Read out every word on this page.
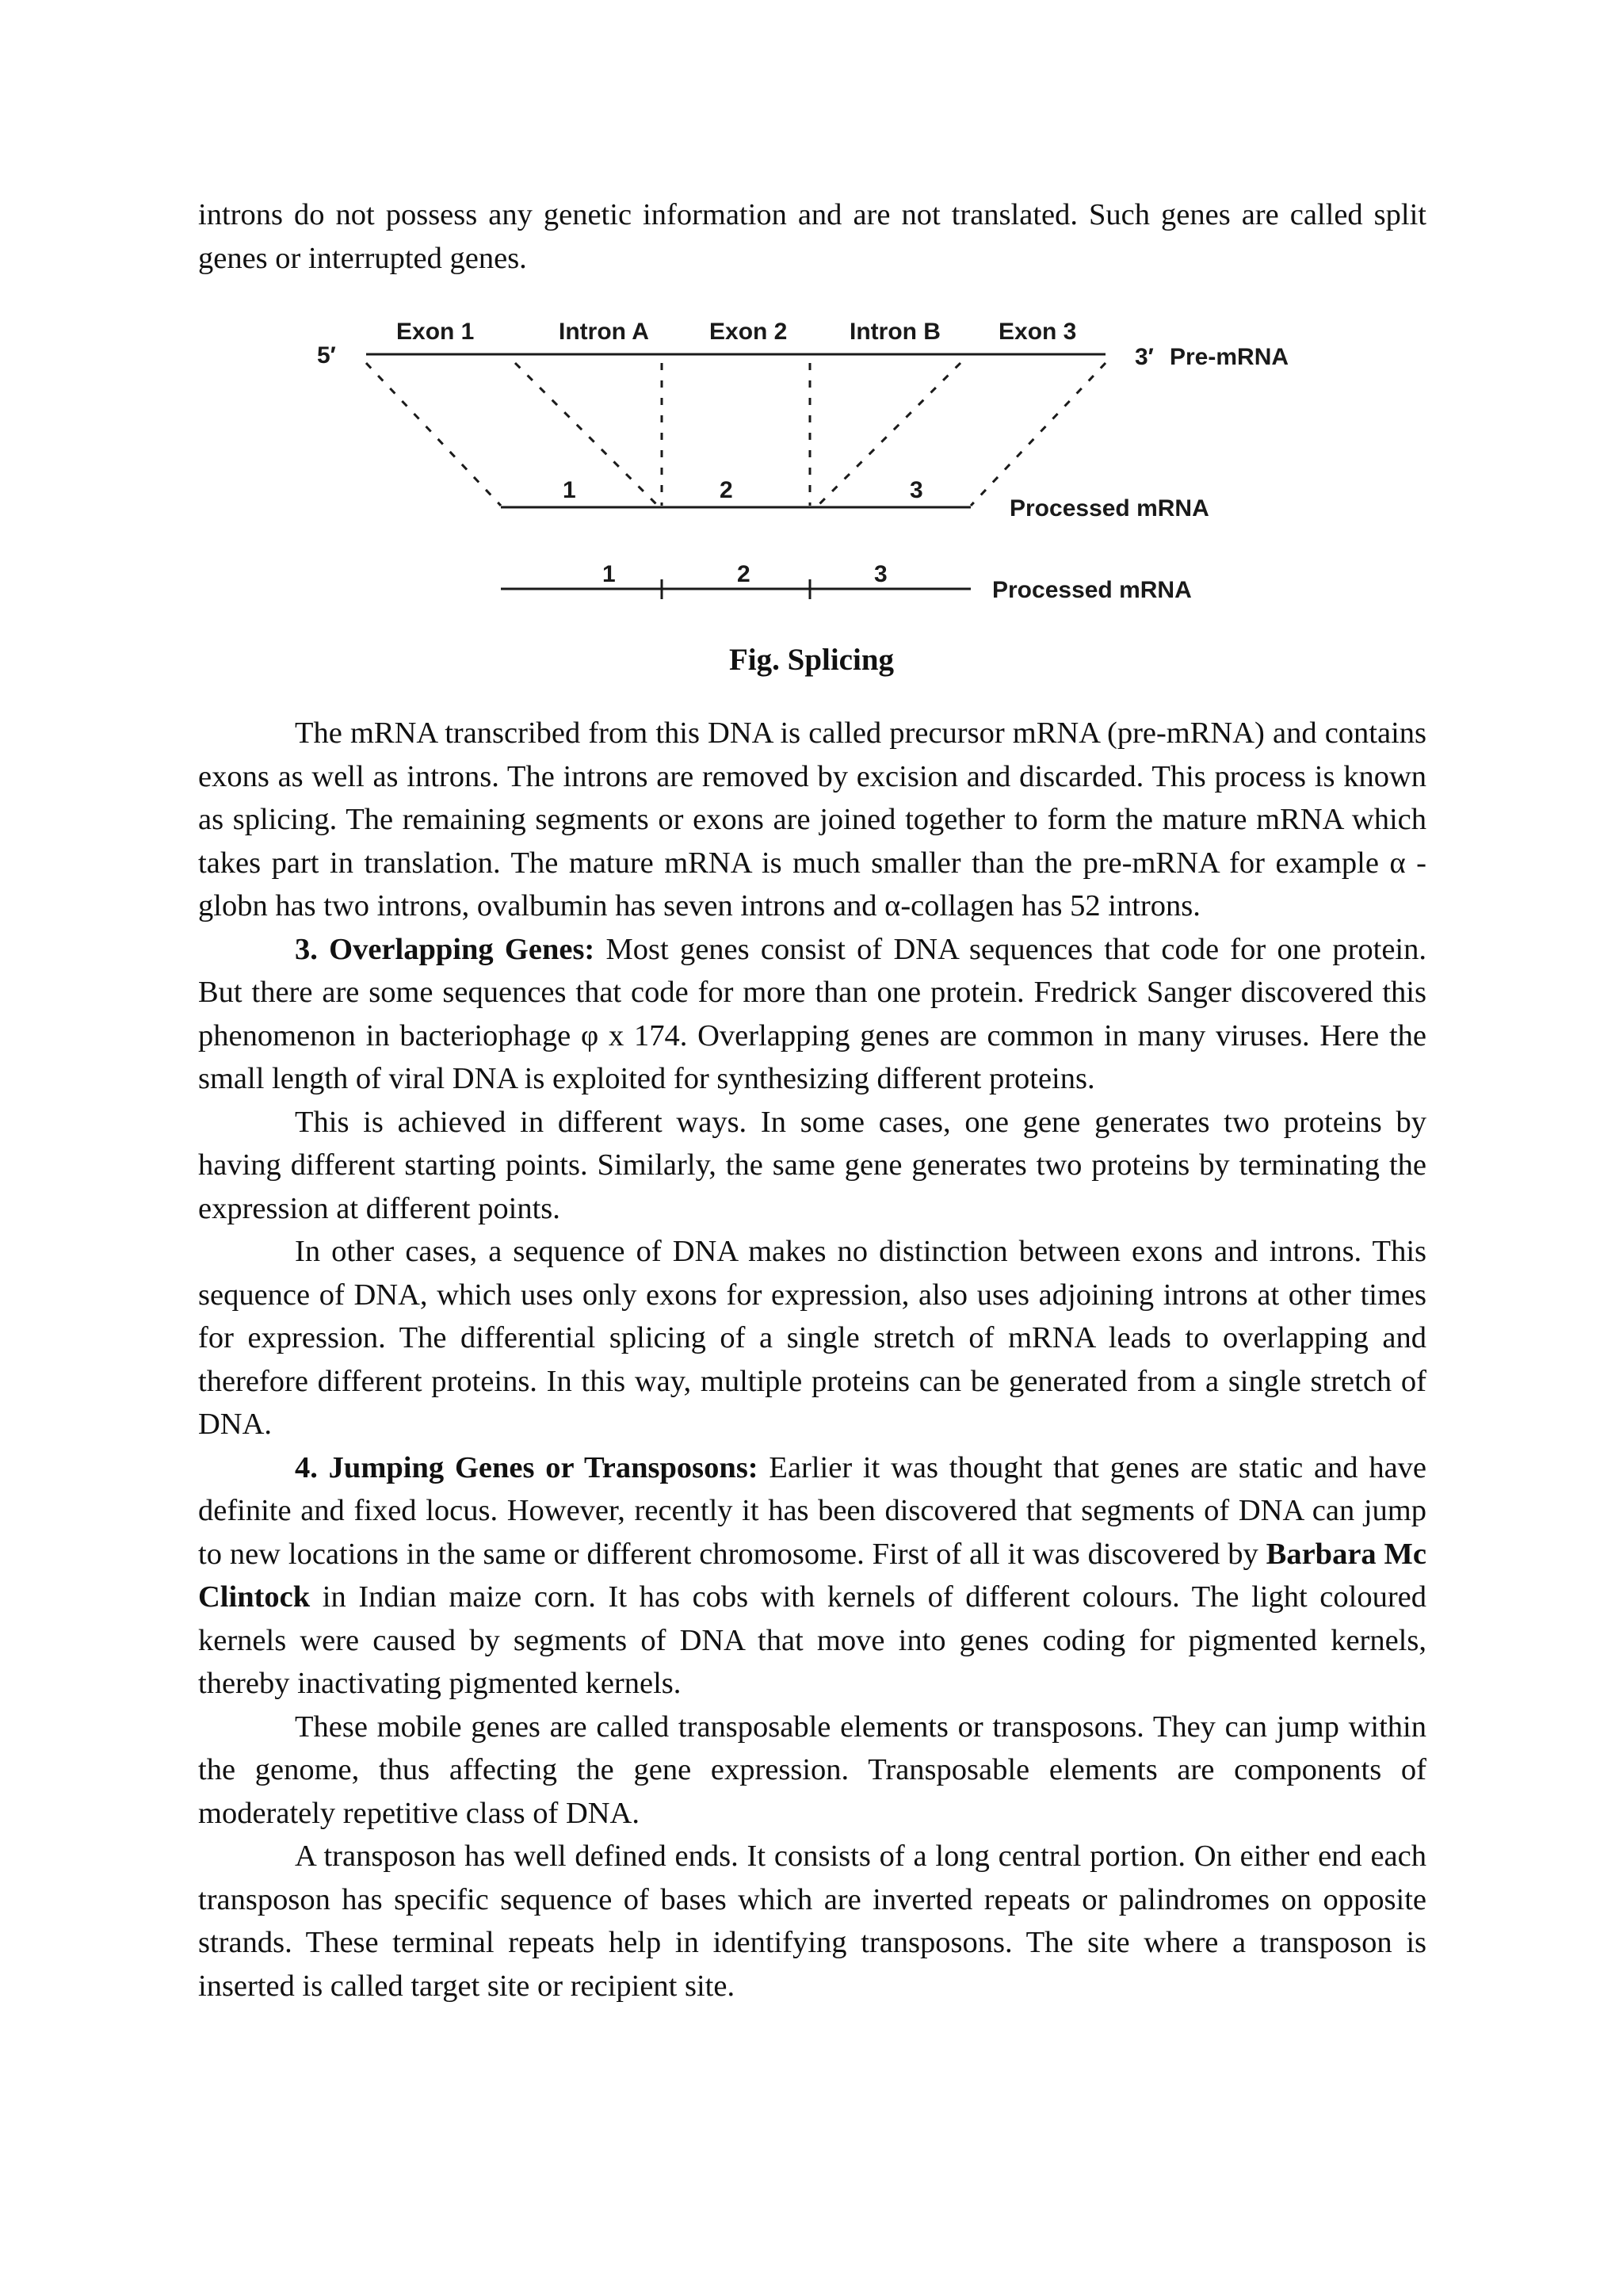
introns do not possess any genetic information and are not translated. Such genes are called split genes or interrupted genes.

Exon 1	Intron A	Exon 2	Intron B Exon 3
5′	3′ Pre-mRNA
1	2	3
Processed mRNA
1	2	3
Processed mRNA
Fig. Splicing

The mRNA transcribed from this DNA is called precursor mRNA (pre-mRNA) and contains exons as well as introns. The introns are removed by excision and discarded. This process is known as splicing. The remaining segments or exons are joined together to form the mature mRNA which takes part in translation. The mature mRNA is much smaller than the pre-mRNA for example α -globn has two introns, ovalbumin has seven introns and α-collagen has 52 introns.

3. Overlapping Genes: Most genes consist of DNA sequences that code for one protein. But there are some sequences that code for more than one protein. Fredrick Sanger discovered this phenomenon in bacteriophage φ x 174. Overlapping genes are common in many viruses. Here the small length of viral DNA is exploited for synthesizing different proteins.

This is achieved in different ways. In some cases, one gene generates two proteins by having different starting points. Similarly, the same gene generates two proteins by terminating the expression at different points.

In other cases, a sequence of DNA makes no distinction between exons and introns. This sequence of DNA, which uses only exons for expression, also uses adjoining introns at other times for expression. The differential splicing of a single stretch of mRNA leads to overlapping and therefore different proteins. In this way, multiple proteins can be generated from a single stretch of DNA.

4. Jumping Genes or Transposons: Earlier it was thought that genes are static and have definite and fixed locus. However, recently it has been discovered that segments of DNA can jump to new locations in the same or different chromosome. First of all it was discovered by Barbara Mc Clintock in Indian maize corn. It has cobs with kernels of different colours. The light coloured kernels were caused by segments of DNA that move into genes coding for pigmented kernels, thereby inactivating pigmented kernels.

These mobile genes are called transposable elements or transposons. They can jump within the genome, thus affecting the gene expression. Transposable elements are components of moderately repetitive class of DNA.

A transposon has well defined ends. It consists of a long central portion. On either end each transposon has specific sequence of bases which are inverted repeats or palindromes on opposite strands. These terminal repeats help in identifying transposons. The site where a transposon is inserted is called target site or recipient site.
